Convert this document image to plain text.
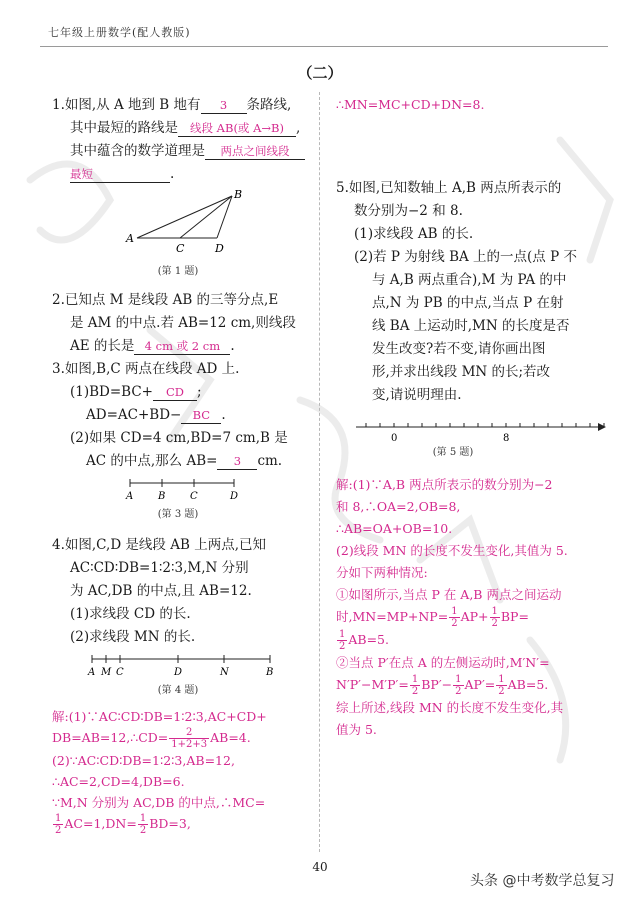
七年级上册数学(配人教版)
（二）

1.如图,从 A 地到 B 地有 3 条路线,

其中最短的路线是 线段 AB(或 A→B) ,

其中蕴含的数学道理是 两点之间线段

最短	.

B
A
C	D
(第 1 题)

2.已知点 M 是线段 AB 的三等分点,E

是 AM 的中点.若 AB=12 cm,则线段

AE 的长是 4 cm 或 2 cm .

3.如图,B,C 两点在线段 AD 上.

(1)BD=BC+ CD ;

AD=AC+BD− BC .

(2)如果 CD=4 cm,BD=7 cm,B 是

AC 的中点,那么 AB= 3 cm.

A B C	D
(第 3 题)

4.如图,C,D 是线段 AB 上两点,已知

AC∶CD∶DB=1∶2∶3,M,N 分别

为 AC,DB 的中点,且 AB=12.

(1)求线段 CD 的长.

(2)求线段 MN 的长.

A M C	D	N	B
(第 4 题)

解:(1)∵AC∶CD∶DB=1∶2∶3,AC+CD+

DB=AB=12,∴CD= $\frac{2}{1+2+3} AB=4$.

(2)∵AC∶CD∶DB=1∶2∶3,AB=12,

∴AC=2,CD=4,DB=6.

∵M,N 分别为 AC,DB 的中点,∴MC=

$\frac{1}{2} AC=1,DN= \frac{1}{2} BD=3$,

∴MN=MC+CD+DN=8.

5.如图,已知数轴上 A,B 两点所表示的

数分别为−2 和 8.

(1)求线段 AB 的长.

(2)若 P 为射线 BA 上的一点(点 P 不

与 A,B 两点重合),M 为 PA 的中

点,N 为 PB 的中点,当点 P 在射

线 BA 上运动时,MN 的长度是否

发生改变?若不变,请你画出图

形,并求出线段 MN 的长;若改

变,请说明理由.

0	8
(第 5 题)

解:(1)∵A,B 两点所表示的数分别为−2

和 8,∴OA=2,OB=8,

∴AB=OA+OB=10.

(2)线段 MN 的长度不发生变化,其值为 5.

分如下两种情况:

①如图所示,当点 P 在 A,B 两点之间运动

时$,MN=MP+NP= \frac{1}{2} AP+ \frac{1}{2} BP=$

$\frac{1}{2} AB=5$.

②当点 P′在点 A 的左侧运动时,M′N′=

$N'P'-M'P'= \frac{1}{2} BP'- \frac{1}{2} AP'= \frac{1}{2} AB=5$.

综上所述,线段 MN 的长度不发生变化,其

值为 5.

40
头条 @中考数学总复习
